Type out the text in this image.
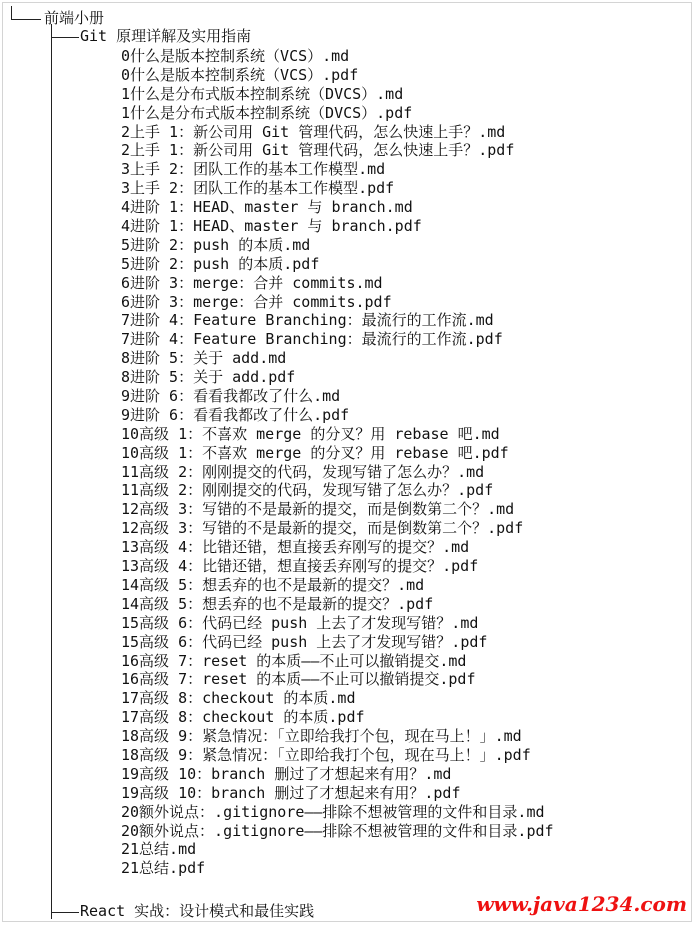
前端小册
Git 原理详解及实用指南
0什么是版本控制系统（VCS）.md
0什么是版本控制系统（VCS）.pdf
1什么是分布式版本控制系统（DVCS）.md
1什么是分布式版本控制系统（DVCS）.pdf
2上手 1：新公司用 Git 管理代码，怎么快速上手？.md
2上手 1：新公司用 Git 管理代码，怎么快速上手？.pdf
3上手 2：团队工作的基本工作模型.md
3上手 2：团队工作的基本工作模型.pdf
4进阶 1：HEAD、master 与 branch.md
4进阶 1：HEAD、master 与 branch.pdf
5进阶 2：push 的本质.md
5进阶 2：push 的本质.pdf
6进阶 3：merge：合并 commits.md
6进阶 3：merge：合并 commits.pdf
7进阶 4：Feature Branching：最流行的工作流.md
7进阶 4：Feature Branching：最流行的工作流.pdf
8进阶 5：关于 add.md
8进阶 5：关于 add.pdf
9进阶 6：看看我都改了什么.md
9进阶 6：看看我都改了什么.pdf
10高级 1：不喜欢 merge 的分叉？用 rebase 吧.md
10高级 1：不喜欢 merge 的分叉？用 rebase 吧.pdf
11高级 2：刚刚提交的代码，发现写错了怎么办？.md
11高级 2：刚刚提交的代码，发现写错了怎么办？.pdf
12高级 3：写错的不是最新的提交，而是倒数第二个？.md
12高级 3：写错的不是最新的提交，而是倒数第二个？.pdf
13高级 4：比错还错，想直接丢弃刚写的提交？.md
13高级 4：比错还错，想直接丢弃刚写的提交？.pdf
14高级 5：想丢弃的也不是最新的提交？.md
14高级 5：想丢弃的也不是最新的提交？.pdf
15高级 6：代码已经 push 上去了才发现写错？.md
15高级 6：代码已经 push 上去了才发现写错？.pdf
16高级 7：reset 的本质——不止可以撤销提交.md
16高级 7：reset 的本质——不止可以撤销提交.pdf
17高级 8：checkout 的本质.md
17高级 8：checkout 的本质.pdf
18高级 9：紧急情况：「立即给我打个包，现在马上！」.md
18高级 9：紧急情况：「立即给我打个包，现在马上！」.pdf
19高级 10：branch 删过了才想起来有用？.md
19高级 10：branch 删过了才想起来有用？.pdf
20额外说点：.gitignore——排除不想被管理的文件和目录.md
20额外说点：.gitignore——排除不想被管理的文件和目录.pdf
21总结.md
21总结.pdf
React 实战：设计模式和最佳实践	www.java1234.com
